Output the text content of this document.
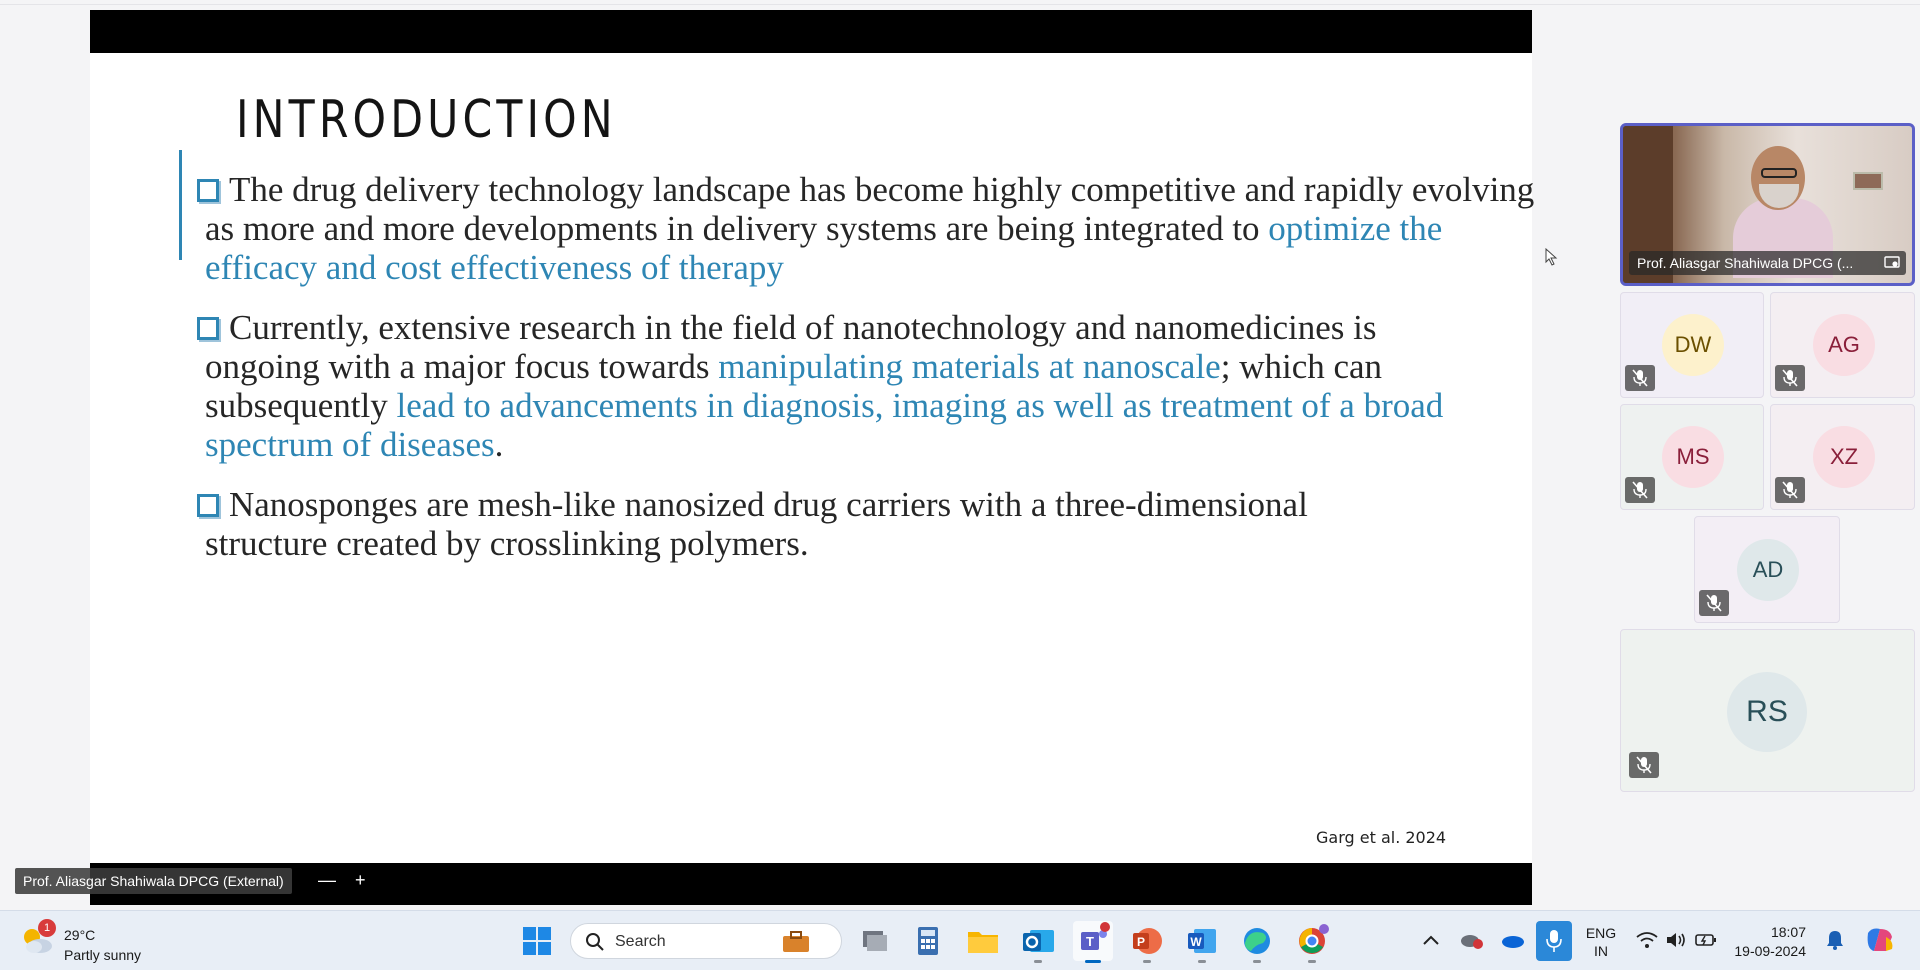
INTRODUCTION
The drug delivery technology landscape has become highly competitive and rapidly evolving as more and more developments in delivery systems are being integrated to optimize the efficacy and cost effectiveness of therapy
Currently, extensive research in the field of nanotechnology and nanomedicines is ongoing with a major focus towards manipulating materials at nanoscale; which can subsequently lead to advancements in diagnosis, imaging as well as treatment of a broad spectrum of diseases.
Nanosponges are mesh-like nanosized drug carriers with a three-dimensional structure created by crosslinking polymers.
Garg et al. 2024
Prof. Aliasgar Shahiwala DPCG (External)	— +
Prof. Aliasgar Shahiwala DPCG (...
DW	AG
MS	XZ
AD
RS
1 29°C
Partly sunny
Search	T	P	W
ENG
IN
18:07
19-09-2024
